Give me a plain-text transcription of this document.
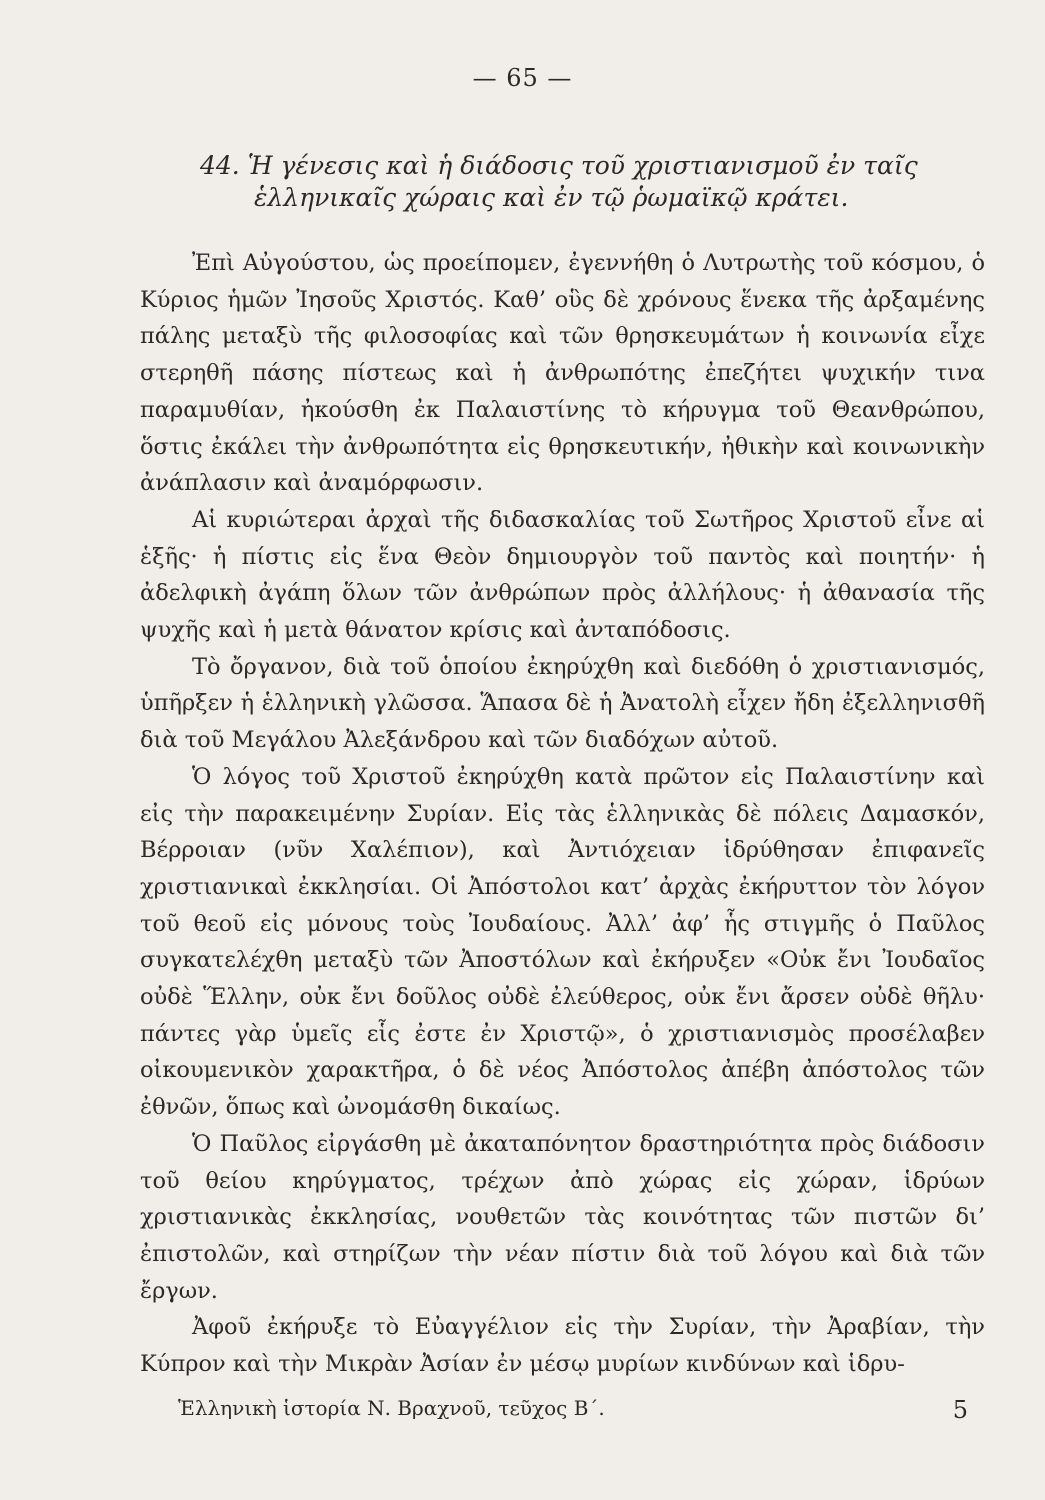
— 65 —
44. Ἡ γένεσις καὶ ἡ διάδοσις τοῦ χριστιανισμοῦ ἐν ταῖς
ἑλληνικαῖς χώραις καὶ ἐν τῷ ῥωμαϊκῷ κράτει.

Ἐπὶ Αὐγούστου, ὡς προείπομεν, ἐγεννήθη ὁ Λυτρωτὴς τοῦ κόσμου, ὁ Κύριος ἡμῶν Ἰησοῦς Χριστός. Καθ’ οὓς δὲ χρόνους ἕνεκα τῆς ἀρξαμένης πάλης μεταξὺ τῆς φιλοσοφίας καὶ τῶν θρησκευμάτων ἡ κοινωνία εἶχε στερηθῆ πάσης πίστεως καὶ ἡ ἀνθρωπότης ἐπεζήτει ψυχικήν τινα παραμυθίαν, ἠκούσθη ἐκ Παλαιστίνης τὸ κήρυγμα τοῦ Θεανθρώπου, ὅστις ἐκάλει τὴν ἀνθρωπότητα εἰς θρησκευτικήν, ἠθικὴν καὶ κοινωνικὴν ἀνάπλασιν καὶ ἀναμόρφωσιν.

Αἱ κυριώτεραι ἀρχαὶ τῆς διδασκαλίας τοῦ Σωτῆρος Χριστοῦ εἶνε αἱ ἑξῆς· ἡ πίστις εἰς ἕνα Θεὸν δημιουργὸν τοῦ παντὸς καὶ ποιητήν· ἡ ἀδελφικὴ ἀγάπη ὅλων τῶν ἀνθρώπων πρὸς ἀλλήλους· ἡ ἀθανασία τῆς ψυχῆς καὶ ἡ μετὰ θάνατον κρίσις καὶ ἀνταπόδοσις.

Τὸ ὄργανον, διὰ τοῦ ὁποίου ἐκηρύχθη καὶ διεδόθη ὁ χριστιανισμός, ὑπῆρξεν ἡ ἑλληνικὴ γλῶσσα. Ἅπασα δὲ ἡ Ἀνατολὴ εἶχεν ἤδη ἐξελληνισθῆ διὰ τοῦ Μεγάλου Ἀλεξάνδρου καὶ τῶν διαδόχων αὐτοῦ.

Ὁ λόγος τοῦ Χριστοῦ ἐκηρύχθη κατὰ πρῶτον εἰς Παλαιστίνην καὶ εἰς τὴν παρακειμένην Συρίαν. Εἰς τὰς ἑλληνικὰς δὲ πόλεις Δαμασκόν, Βέρροιαν (νῦν Χαλέπιον), καὶ Ἀντιόχειαν ἱδρύθησαν ἐπιφανεῖς χριστιανικαὶ ἐκκλησίαι. Οἱ Ἀπόστολοι κατ’ ἀρχὰς ἐκήρυττον τὸν λόγον τοῦ θεοῦ εἰς μόνους τοὺς Ἰουδαίους. Ἀλλ’ ἀφ’ ἧς στιγμῆς ὁ Παῦλος συγκατελέχθη μεταξὺ τῶν Ἀποστόλων καὶ ἐκήρυξεν «Οὐκ ἔνι Ἰουδαῖος οὐδὲ Ἕλλην, οὐκ ἔνι δοῦλος οὐδὲ ἐλεύθερος, οὐκ ἔνι ἄρσεν οὐδὲ θῆλυ· πάντες γὰρ ὑμεῖς εἷς ἐστε ἐν Χριστῷ», ὁ χριστιανισμὸς προσέλαβεν οἰκουμενικὸν χαρακτῆρα, ὁ δὲ νέος Ἀπόστολος ἀπέβη ἀπόστολος τῶν ἐθνῶν, ὅπως καὶ ὠνομάσθη δικαίως.

Ὁ Παῦλος εἰργάσθη μὲ ἀκαταπόνητον δραστηριότητα πρὸς διάδοσιν τοῦ θείου κηρύγματος, τρέχων ἀπὸ χώρας εἰς χώραν, ἱδρύων χριστιανικὰς ἐκκλησίας, νουθετῶν τὰς κοινότητας τῶν πιστῶν δι’ ἐπιστολῶν, καὶ στηρίζων τὴν νέαν πίστιν διὰ τοῦ λόγου καὶ διὰ τῶν ἔργων.

Ἀφοῦ ἐκήρυξε τὸ Εὐαγγέλιον εἰς τὴν Συρίαν, τὴν Ἀραβίαν, τὴν Κύπρον καὶ τὴν Μικρὰν Ἀσίαν ἐν μέσῳ μυρίων κινδύνων καὶ ἱδρυ-

Ἑλληνικὴ ἱστορία Ν. Βραχνοῦ, τεῦχος Β΄.	5
